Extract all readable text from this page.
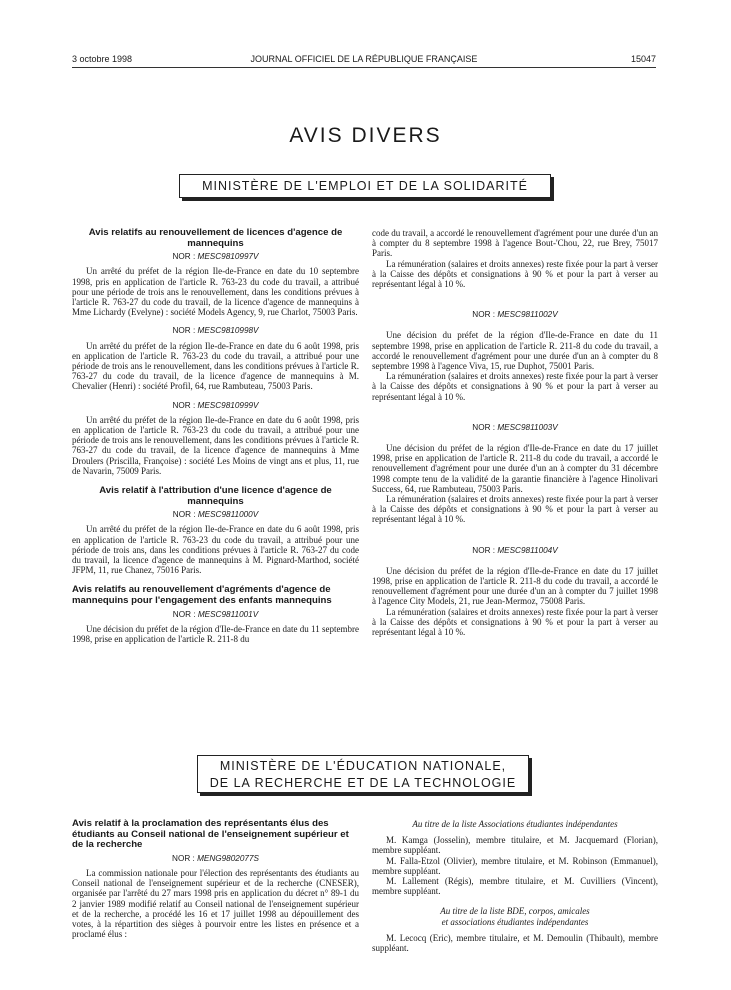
3 octobre 1998	JOURNAL OFFICIEL DE LA RÉPUBLIQUE FRANÇAISE	15047
AVIS DIVERS
MINISTÈRE DE L'EMPLOI ET DE LA SOLIDARITÉ
Avis relatifs au renouvellement de licences d'agence de mannequins
NOR : MESC9810997V
Un arrêté du préfet de la région Ile-de-France en date du 10 septembre 1998, pris en application de l'article R. 763-23 du code du travail, a attribué pour une période de trois ans le renouvellement, dans les conditions prévues à l'article R. 763-27 du code du travail, de la licence d'agence de mannequins à Mme Lichardy (Evelyne) : société Models Agency, 9, rue Charlot, 75003 Paris.
NOR : MESC9810998V
Un arrêté du préfet de la région Ile-de-France en date du 6 août 1998, pris en application de l'article R. 763-23 du code du travail, a attribué pour une période de trois ans le renouvellement, dans les conditions prévues à l'article R. 763-27 du code du travail, de la licence d'agence de mannequins à M. Chevalier (Henri) : société Profil, 64, rue Rambuteau, 75003 Paris.
NOR : MESC9810999V
Un arrêté du préfet de la région Ile-de-France en date du 6 août 1998, pris en application de l'article R. 763-23 du code du travail, a attribué pour une période de trois ans le renouvellement, dans les conditions prévues à l'article R. 763-27 du code du travail, de la licence d'agence de mannequins à Mme Droulers (Priscilla, Françoise) : société Les Moins de vingt ans et plus, 11, rue de Navarin, 75009 Paris.
Avis relatif à l'attribution d'une licence d'agence de mannequins
NOR : MESC9811000V
Un arrêté du préfet de la région Ile-de-France en date du 6 août 1998, pris en application de l'article R. 763-23 du code du travail, a attribué pour une période de trois ans, dans les conditions prévues à l'article R. 763-27 du code du travail, la licence d'agence de mannequins à M. Pignard-Marthod, société JFPM, 11, rue Chanez, 75016 Paris.
Avis relatifs au renouvellement d'agréments d'agence de mannequins pour l'engagement des enfants mannequins
NOR : MESC9811001V
Une décision du préfet de la région d'Ile-de-France en date du 11 septembre 1998, prise en application de l'article R. 211-8 du
code du travail, a accordé le renouvellement d'agrément pour une durée d'un an à compter du 8 septembre 1998 à l'agence Bout-'Chou, 22, rue Brey, 75017 Paris.
La rémunération (salaires et droits annexes) reste fixée pour la part à verser à la Caisse des dépôts et consignations à 90 % et pour la part à verser au représentant légal à 10 %.
NOR : MESC9811002V
Une décision du préfet de la région d'Ile-de-France en date du 11 septembre 1998, prise en application de l'article R. 211-8 du code du travail, a accordé le renouvellement d'agrément pour une durée d'un an à compter du 8 septembre 1998 à l'agence Viva, 15, rue Duphot, 75001 Paris.
La rémunération (salaires et droits annexes) reste fixée pour la part à verser à la Caisse des dépôts et consignations à 90 % et pour la part à verser au représentant légal à 10 %.
NOR : MESC9811003V
Une décision du préfet de la région d'Ile-de-France en date du 17 juillet 1998, prise en application de l'article R. 211-8 du code du travail, a accordé le renouvellement d'agrément pour une durée d'un an à compter du 31 décembre 1998 compte tenu de la validité de la garantie financière à l'agence Hinolivari Success, 64, rue Rambuteau, 75003 Paris.
La rémunération (salaires et droits annexes) reste fixée pour la part à verser à la Caisse des dépôts et consignations à 90 % et pour la part à verser au représentant légal à 10 %.
NOR : MESC9811004V
Une décision du préfet de la région d'Ile-de-France en date du 17 juillet 1998, prise en application de l'article R. 211-8 du code du travail, a accordé le renouvellement d'agrément pour une durée d'un an à compter du 7 juillet 1998 à l'agence City Models, 21, rue Jean-Mermoz, 75008 Paris.
La rémunération (salaires et droits annexes) reste fixée pour la part à verser à la Caisse des dépôts et consignations à 90 % et pour la part à verser au représentant légal à 10 %.
MINISTÈRE DE L'ÉDUCATION NATIONALE,
DE LA RECHERCHE ET DE LA TECHNOLOGIE
Avis relatif à la proclamation des représentants élus des étudiants au Conseil national de l'enseignement supérieur et de la recherche
NOR : MENG9802077S
La commission nationale pour l'élection des représentants des étudiants au Conseil national de l'enseignement supérieur et de la recherche (CNESER), organisée par l'arrêté du 27 mars 1998 pris en application du décret n° 89-1 du 2 janvier 1989 modifié relatif au Conseil national de l'enseignement supérieur et de la recherche, a procédé les 16 et 17 juillet 1998 au dépouillement des votes, à la répartition des sièges à pourvoir entre les listes en présence et a proclamé élus :
Au titre de la liste Associations étudiantes indépendantes
M. Kamga (Josselin), membre titulaire, et M. Jacquemard (Florian), membre suppléant.
M. Falla-Etzol (Olivier), membre titulaire, et M. Robinson (Emmanuel), membre suppléant.
M. Lallement (Régis), membre titulaire, et M. Cuvilliers (Vincent), membre suppléant.
Au titre de la liste BDE, corpos, amicales
et associations étudiantes indépendantes
M. Lecocq (Eric), membre titulaire, et M. Demoulin (Thibault), membre suppléant.
